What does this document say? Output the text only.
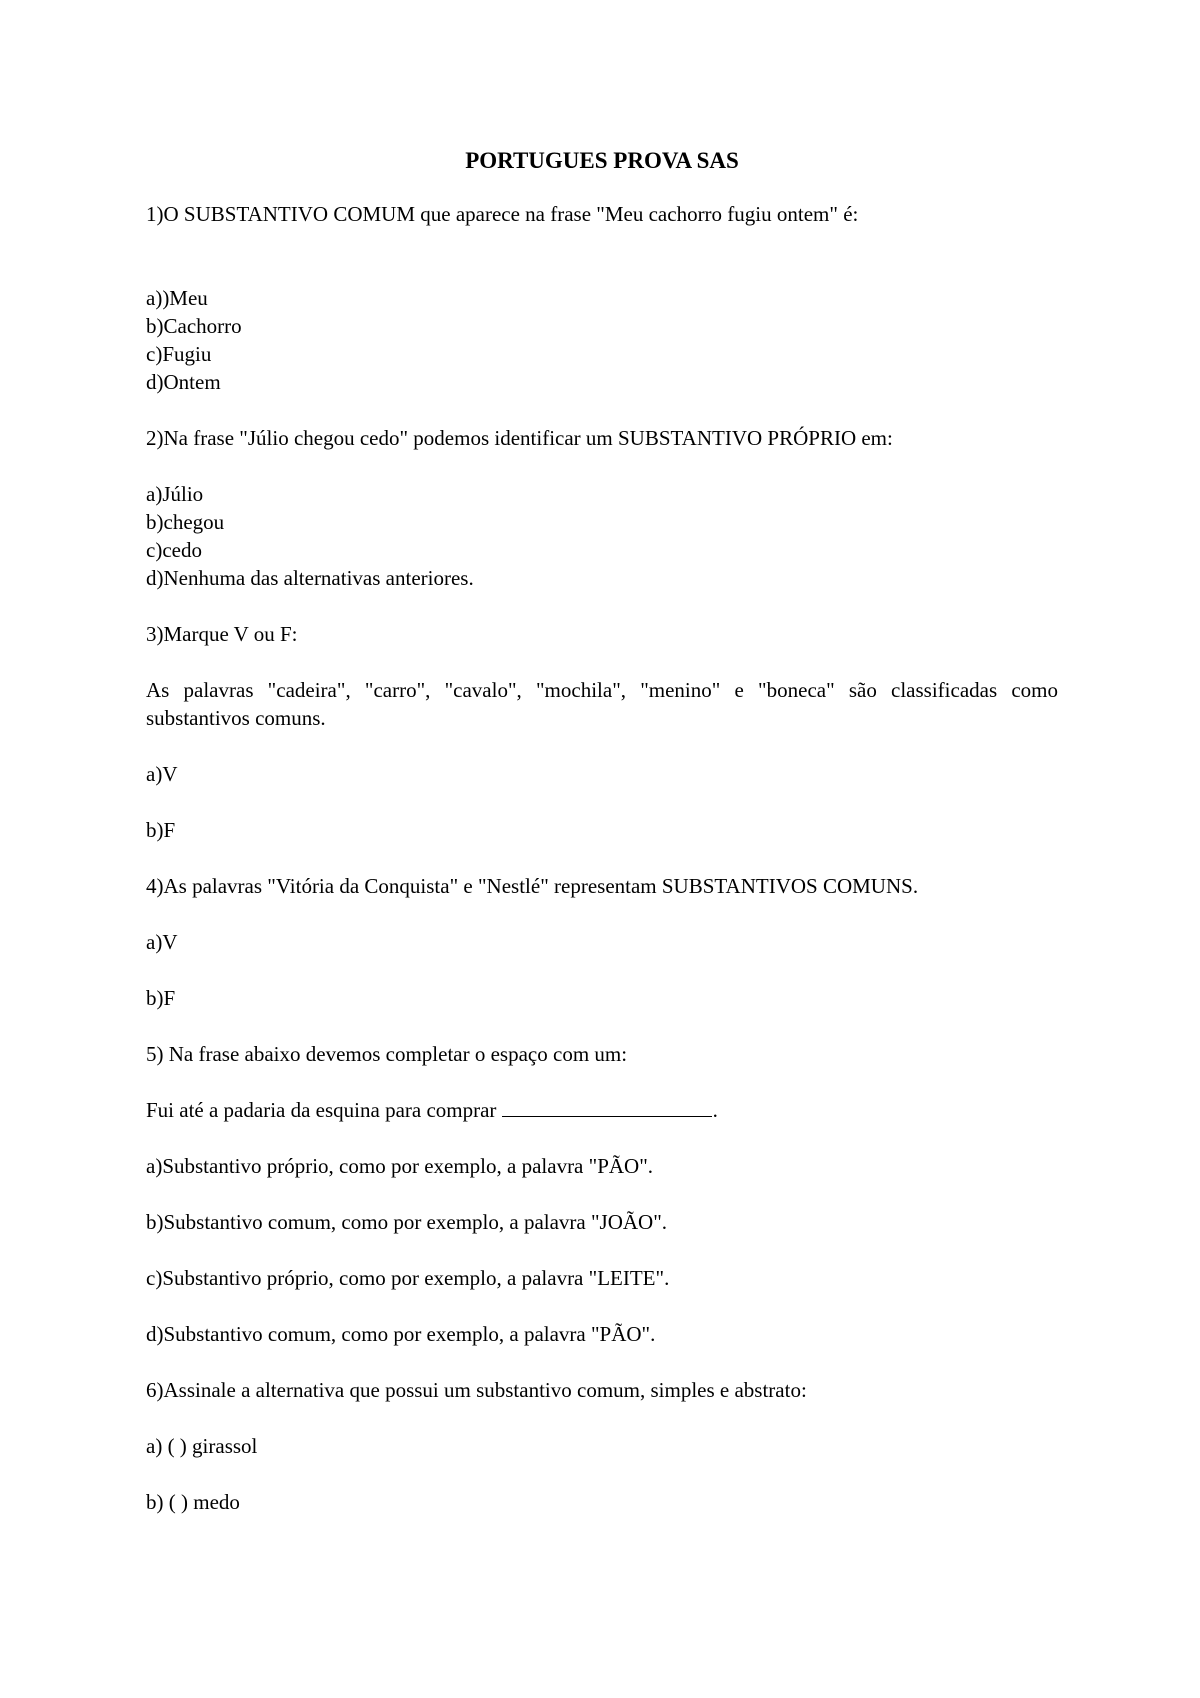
PORTUGUES PROVA SAS

1)O SUBSTANTIVO COMUM que aparece na frase "Meu cachorro fugiu ontem" é:

a))Meu

b)Cachorro

c)Fugiu

d)Ontem

2)Na frase "Júlio chegou cedo" podemos identificar um SUBSTANTIVO PRÓPRIO em:

a)Júlio

b)chegou

c)cedo

d)Nenhuma das alternativas anteriores.

3)Marque V ou F:

As palavras "cadeira", "carro", "cavalo", "mochila", "menino" e "boneca" são classificadas como substantivos comuns.

a)V

b)F

4)As palavras "Vitória da Conquista" e "Nestlé" representam SUBSTANTIVOS COMUNS.

a)V

b)F

5) Na frase abaixo devemos completar o espaço com um:

Fui até a padaria da esquina para comprar	.

a)Substantivo próprio, como por exemplo, a palavra "PÃO".

b)Substantivo comum, como por exemplo, a palavra "JOÃO".

c)Substantivo próprio, como por exemplo, a palavra "LEITE".

d)Substantivo comum, como por exemplo, a palavra "PÃO".

6)Assinale a alternativa que possui um substantivo comum, simples e abstrato:

a) ( ) girassol

b) ( ) medo
